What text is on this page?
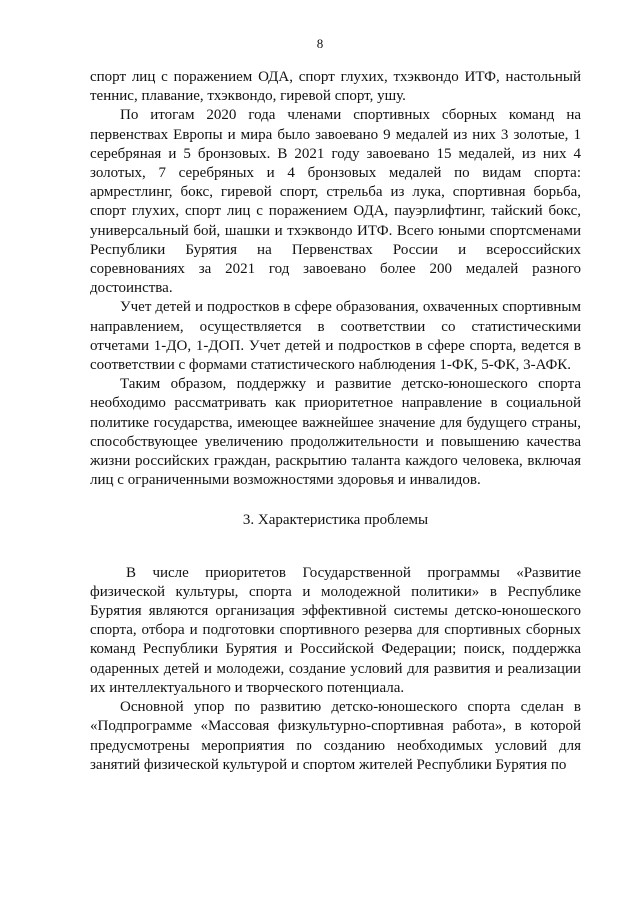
8

спорт лиц с поражением ОДА, спорт глухих, тхэквондо ИТФ, настольный теннис, плавание, тхэквондо, гиревой спорт, ушу.

По итогам 2020 года членами спортивных сборных команд на первенствах Европы и мира было завоевано 9 медалей из них 3 золотые, 1 серебряная и 5 бронзовых. В 2021 году завоевано 15 медалей, из них 4 золотых, 7 серебряных и 4 бронзовых медалей по видам спорта: армрестлинг, бокс, гиревой спорт, стрельба из лука, спортивная борьба, спорт глухих, спорт лиц с поражением ОДА, пауэрлифтинг, тайский бокс, универсальный бой, шашки и тхэквондо ИТФ. Всего юными спортсменами Республики Бурятия на Первенствах России и всероссийских соревнованиях за 2021 год завоевано более 200 медалей разного достоинства.

Учет детей и подростков в сфере образования, охваченных спортивным направлением, осуществляется в соответствии со статистическими отчетами 1-ДО, 1-ДОП. Учет детей и подростков в сфере спорта, ведется в соответствии с формами статистического наблюдения 1-ФК, 5-ФК, 3-АФК.

Таким образом, поддержку и развитие детско-юношеского спорта необходимо рассматривать как приоритетное направление в социальной политике государства, имеющее важнейшее значение для будущего страны, способствующее увеличению продолжительности и повышению качества жизни российских граждан, раскрытию таланта каждого человека, включая лиц с ограниченными возможностями здоровья и инвалидов.

3. Характеристика проблемы

В числе приоритетов Государственной программы «Развитие физической культуры, спорта и молодежной политики» в Республике Бурятия являются организация эффективной системы детско-юношеского спорта, отбора и подготовки спортивного резерва для спортивных сборных команд Республики Бурятия и Российской Федерации; поиск, поддержка одаренных детей и молодежи, создание условий для развития и реализации их интеллектуального и творческого потенциала.

Основной упор по развитию детско-юношеского спорта сделан в «Подпрограмме «Массовая физкультурно-спортивная работа», в которой предусмотрены мероприятия по созданию необходимых условий для занятий физической культурой и спортом жителей Республики Бурятия по
